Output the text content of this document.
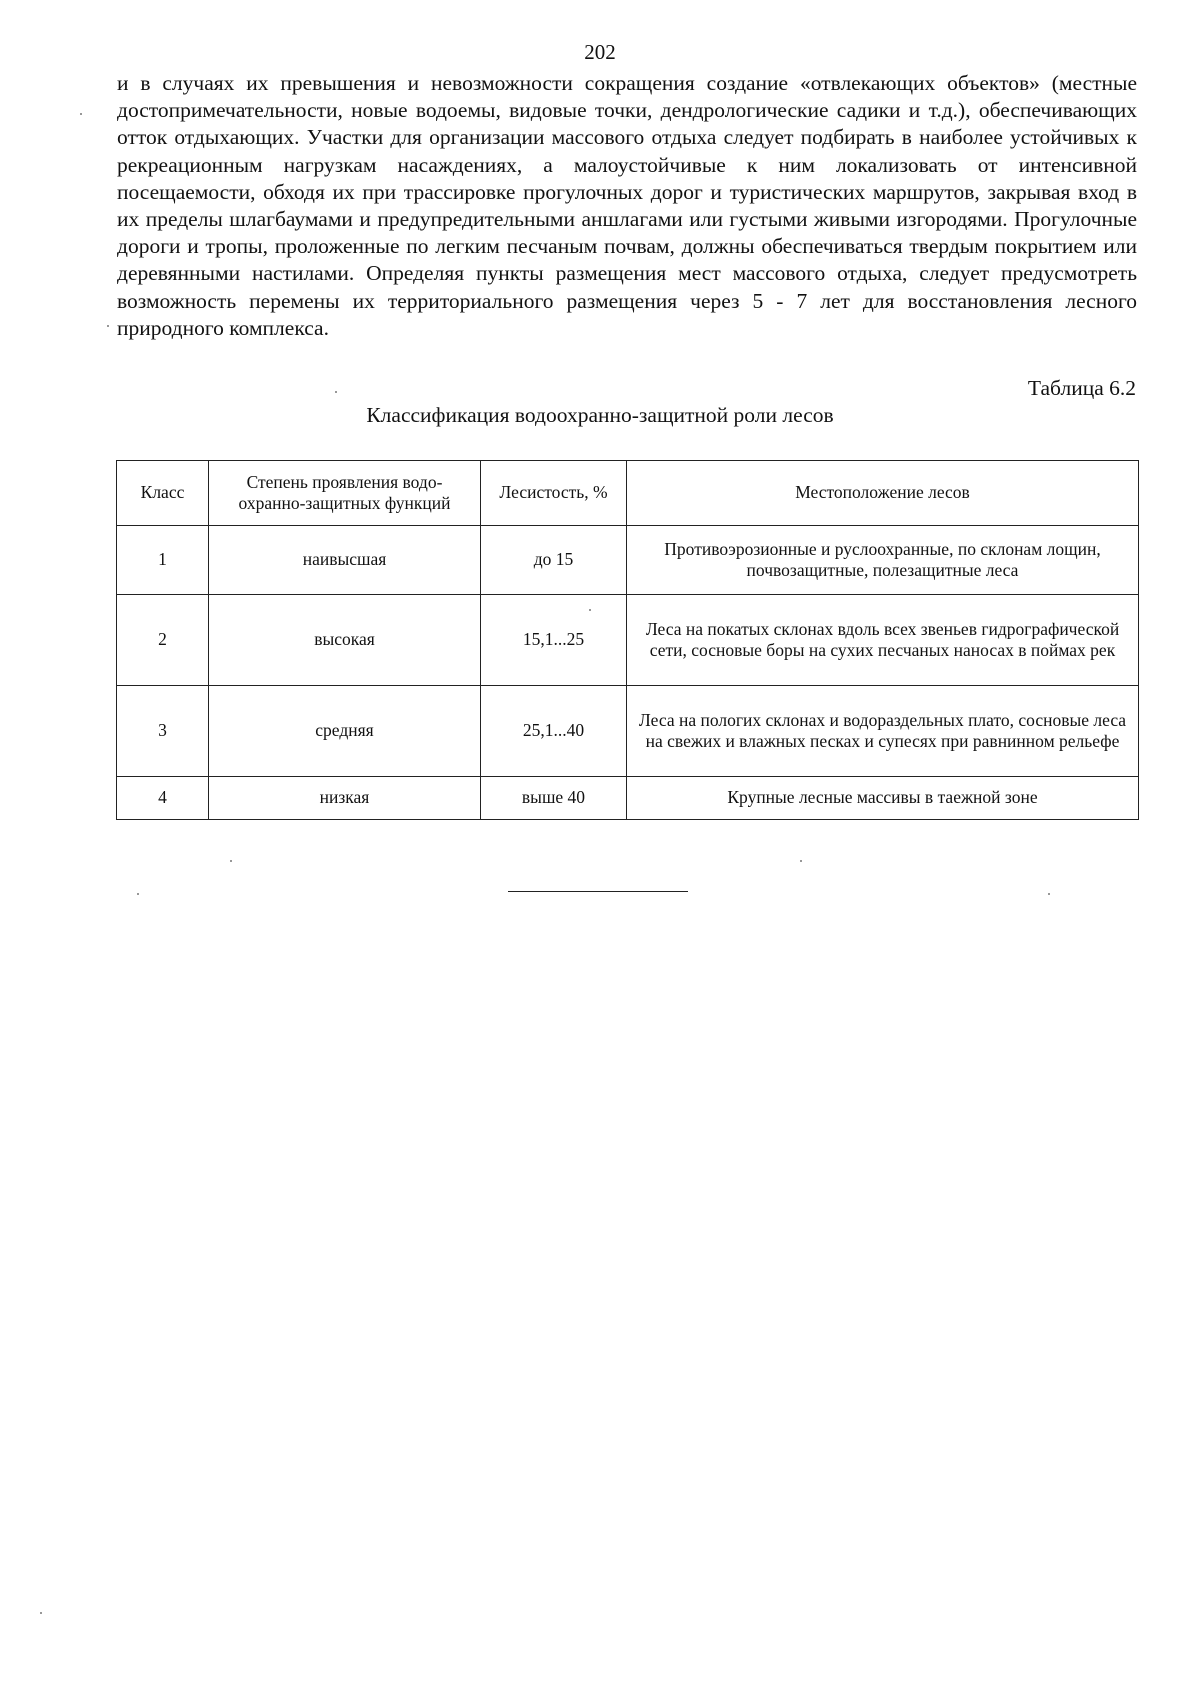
202
и в случаях их превышения и невозможности сокращения создание «отвлекающих объектов» (местные достопримечательности, новые водоемы, видовые точки, дендрологические садики и т.д.), обеспечивающих отток отдыхающих. Участки для организации массового отдыха следует подбирать в наиболее устойчивых к рекреационным нагрузкам насаждениях, а малоустойчивые к ним локализовать от интенсивной посещаемости, обходя их при трассировке прогулочных дорог и туристических маршрутов, закрывая вход в их пределы шлагбаумами и предупредительными аншлагами или густыми живыми изгородями. Прогулочные дороги и тропы, проложенные по легким песчаным почвам, должны обеспечиваться твердым покрытием или деревянными настилами. Определяя пункты размещения мест массового отдыха, следует предусмотреть возможность перемены их территориального размещения через 5 - 7 лет для восстановления лесного природного комплекса.
Таблица 6.2
Классификация водоохранно-защитной роли лесов
Класс	Степень проявления водоохранно-защитных функций	Лесистость, %	Местоположение лесов
1	наивысшая	до 15	Противоэрозионные и руслоохранные, по склонам лощин, почвозащитные, полезащитные леса
2	высокая	15,1...25	Леса на покатых склонах вдоль всех звеньев гидрографической сети, сосновые боры на сухих песчаных наносах в поймах рек
3	средняя	25,1...40	Леса на пологих склонах и водораздельных плато, сосновые леса на свежих и влажных песках и супесях при равнинном рельефе
4	низкая	выше 40	Крупные лесные массивы в таежной зоне
